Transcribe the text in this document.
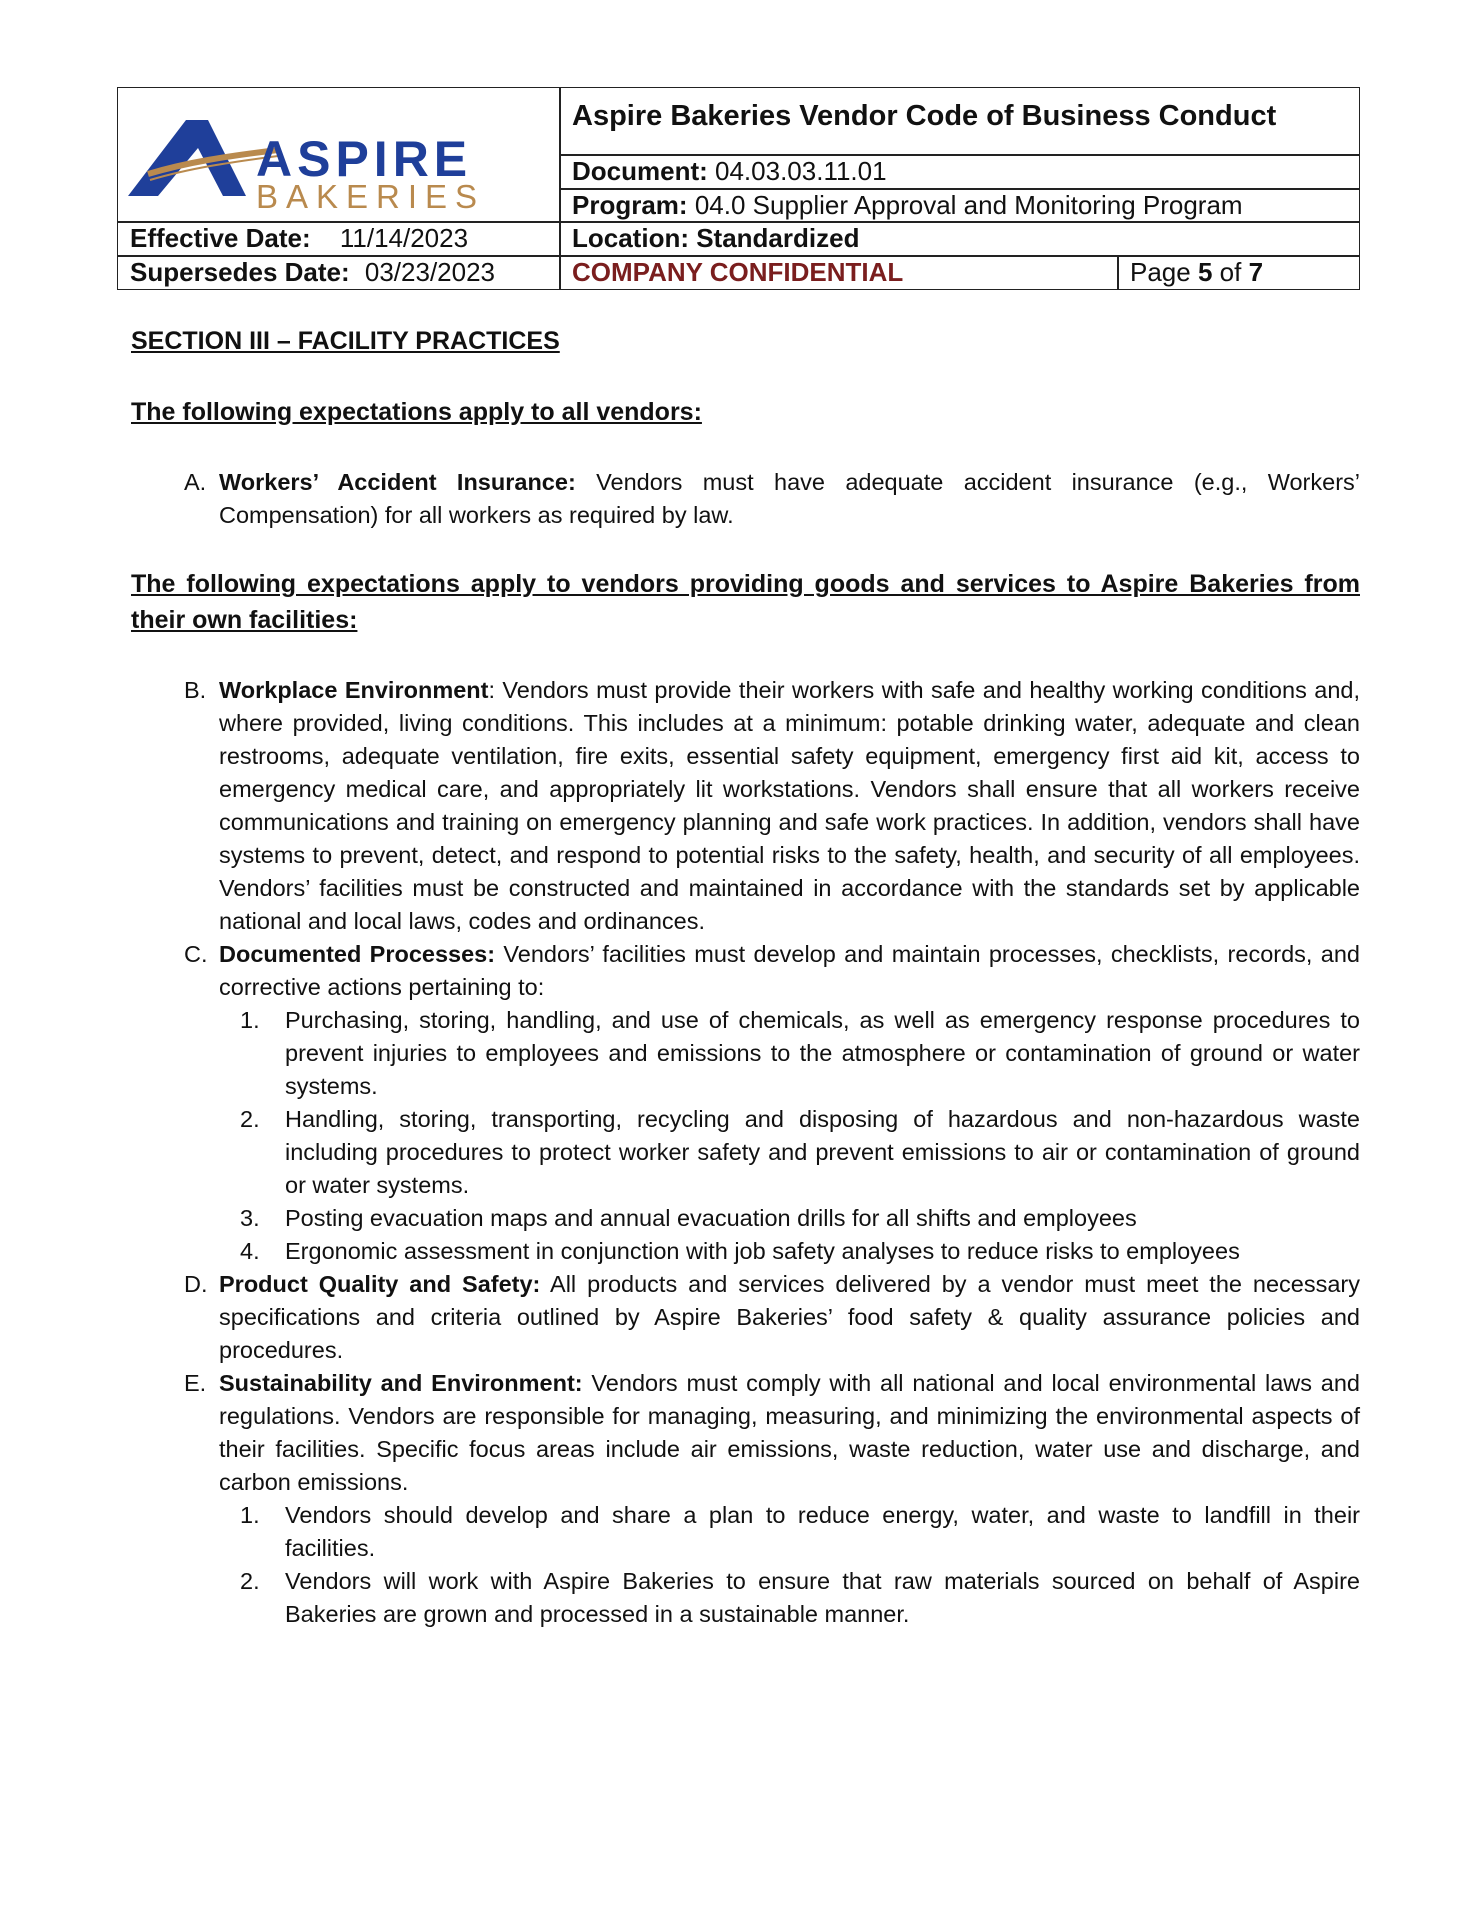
ASPIRE
BAKERIES
Aspire Bakeries Vendor Code of Business Conduct
Document: 04.03.03.11.01
Program: 04.0 Supplier Approval and Monitoring Program
Location: Standardized
COMPANY CONFIDENTIAL	Page 5 of 7
Effective Date: 11/14/2023
Supersedes Date: 03/23/2023
SECTION III – FACILITY PRACTICES
The following expectations apply to all vendors:
A. Workers’ Accident Insurance: Vendors must have adequate accident insurance (e.g., Workers’ Compensation) for all workers as required by law.
The following expectations apply to vendors providing goods and services to Aspire Bakeries from their own facilities:
B. Workplace Environment: Vendors must provide their workers with safe and healthy working conditions and, where provided, living conditions. This includes at a minimum: potable drinking water, adequate and clean restrooms, adequate ventilation, fire exits, essential safety equipment, emergency first aid kit, access to emergency medical care, and appropriately lit workstations. Vendors shall ensure that all workers receive communications and training on emergency planning and safe work practices. In addition, vendors shall have systems to prevent, detect, and respond to potential risks to the safety, health, and security of all employees. Vendors’ facilities must be constructed and maintained in accordance with the standards set by applicable national and local laws, codes and ordinances.
C. Documented Processes: Vendors’ facilities must develop and maintain processes, checklists, records, and corrective actions pertaining to:
1.	Purchasing, storing, handling, and use of chemicals, as well as emergency response procedures to prevent injuries to employees and emissions to the atmosphere or contamination of ground or water systems.
2.	Handling, storing, transporting, recycling and disposing of hazardous and non-hazardous waste including procedures to protect worker safety and prevent emissions to air or contamination of ground or water systems.
3.	Posting evacuation maps and annual evacuation drills for all shifts and employees
4.	Ergonomic assessment in conjunction with job safety analyses to reduce risks to employees
D. Product Quality and Safety: All products and services delivered by a vendor must meet the necessary specifications and criteria outlined by Aspire Bakeries’ food safety & quality assurance policies and procedures.
E. Sustainability and Environment: Vendors must comply with all national and local environmental laws and regulations. Vendors are responsible for managing, measuring, and minimizing the environmental aspects of their facilities. Specific focus areas include air emissions, waste reduction, water use and discharge, and carbon emissions.
1.	Vendors should develop and share a plan to reduce energy, water, and waste to landfill in their facilities.
2.	Vendors will work with Aspire Bakeries to ensure that raw materials sourced on behalf of Aspire Bakeries are grown and processed in a sustainable manner.
